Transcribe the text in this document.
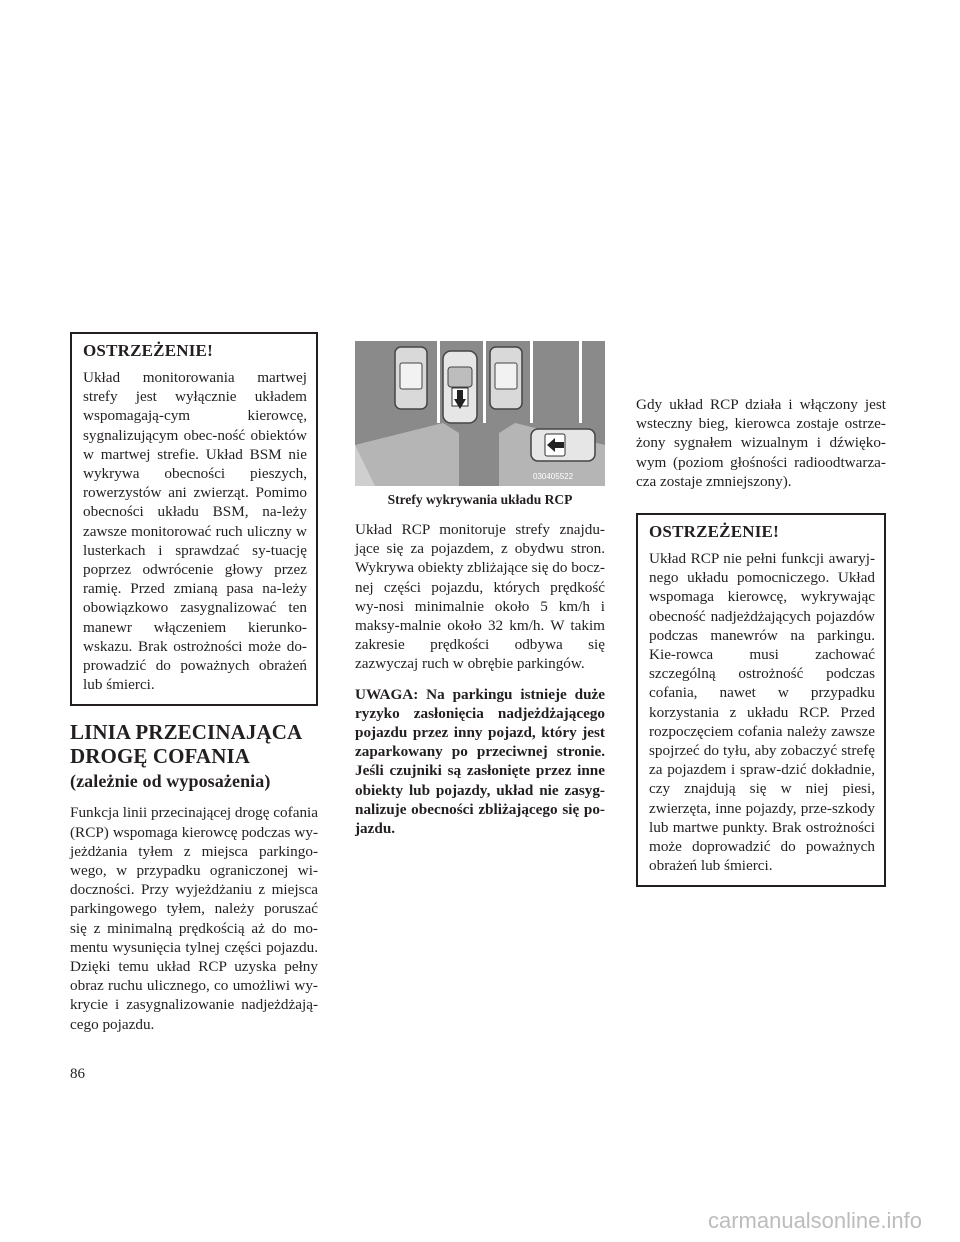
OSTRZEŻENIE!

Układ monitorowania martwej strefy jest wyłącznie układem wspomagają-cym kierowcę, sygnalizującym obec-ność obiektów w martwej strefie. Układ BSM nie wykrywa obecności pieszych, rowerzystów ani zwierząt. Pomimo obecności układu BSM, na-leży zawsze monitorować ruch uliczny w lusterkach i sprawdzać sy-tuację poprzez odwrócenie głowy przez ramię. Przed zmianą pasa na-leży obowiązkowo zasygnalizować ten manewr włączeniem kierunko-wskazu. Brak ostrożności może do-prowadzić do poważnych obrażeń lub śmierci.

LINIA PRZECINAJĄCA DROGĘ COFANIA (zależnie od wyposażenia)

Funkcja linii przecinającej drogę cofania (RCP) wspomaga kierowcę podczas wy-jeżdżania tyłem z miejsca parkingo-wego, w przypadku ograniczonej wi-doczności. Przy wyjeżdżaniu z miejsca parkingowego tyłem, należy poruszać się z minimalną prędkością aż do mo-mentu wysunięcia tylnej części pojazdu. Dzięki temu układ RCP uzyska pełny obraz ruchu ulicznego, co umożliwi wy-krycie i zasygnalizowanie nadjeżdżają-cego pojazdu.

030405522
Strefy wykrywania układu RCP

Układ RCP monitoruje strefy znajdu-jące się za pojazdem, z obydwu stron. Wykrywa obiekty zbliżające się do bocz-nej części pojazdu, których prędkość wy-nosi minimalnie około 5 km/h i maksy-malnie około 32 km/h. W takim zakresie prędkości odbywa się zazwyczaj ruch w obrębie parkingów.

UWAGA: Na parkingu istnieje duże ryzyko zasłonięcia nadjeżdżającego pojazdu przez inny pojazd, który jest zaparkowany po przeciwnej stronie. Jeśli czujniki są zasłonięte przez inne obiekty lub pojazdy, układ nie zasyg-nalizuje obecności zbliżającego się po-jazdu.

Gdy układ RCP działa i włączony jest wsteczny bieg, kierowca zostaje ostrze-żony sygnałem wizualnym i dźwięko-wym (poziom głośności radioodtwarza-cza zostaje zmniejszony).

OSTRZEŻENIE!

Układ RCP nie pełni funkcji awaryj-nego układu pomocniczego. Układ wspomaga kierowcę, wykrywając obecność nadjeżdżających pojazdów podczas manewrów na parkingu. Kie-rowca musi zachować szczególną ostrożność podczas cofania, nawet w przypadku korzystania z układu RCP. Przed rozpoczęciem cofania należy zawsze spojrzeć do tyłu, aby zobaczyć strefę za pojazdem i spraw-dzić dokładnie, czy znajdują się w niej piesi, zwierzęta, inne pojazdy, prze-szkody lub martwe punkty. Brak ostrożności może doprowadzić do poważnych obrażeń lub śmierci.

86
carmanualsonline.info
